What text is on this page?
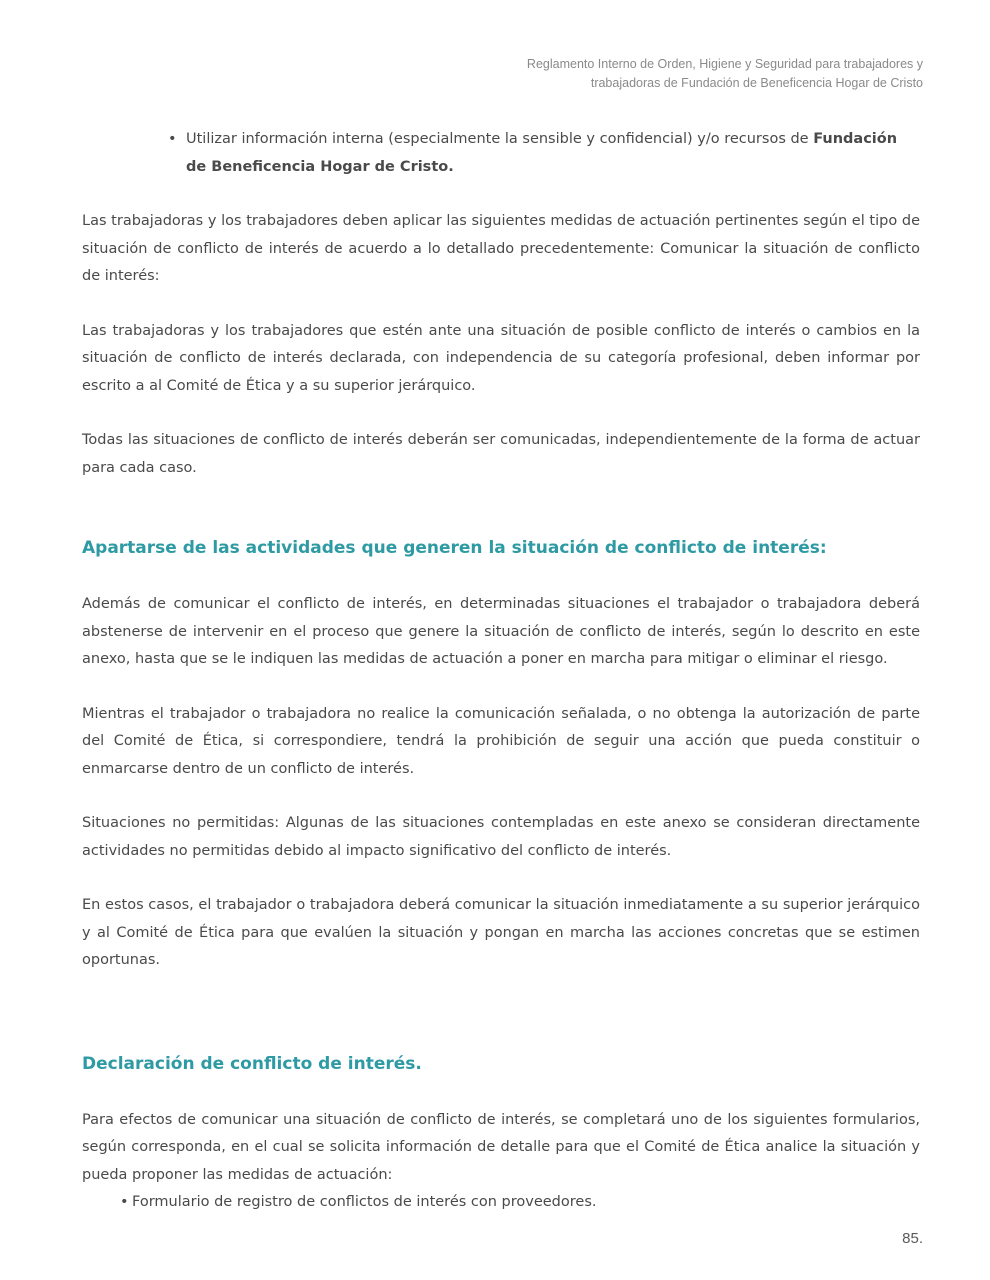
Reglamento Interno de Orden, Higiene y Seguridad para trabajadores y
trabajadoras de Fundación de Beneficencia Hogar de Cristo
• Utilizar información interna (especialmente la sensible y confidencial) y/o recursos de Fundación de Beneficencia Hogar de Cristo.

Las trabajadoras y los trabajadores deben aplicar las siguientes medidas de actuación pertinentes según el tipo de situación de conflicto de interés de acuerdo a lo detallado precedentemente: Comunicar la situación de conflicto de interés:

Las trabajadoras y los trabajadores que estén ante una situación de posible conflicto de interés o cambios en la situación de conflicto de interés declarada, con independencia de su categoría profesional, deben informar por escrito a al Comité de Ética y a su superior jerárquico.

Todas las situaciones de conflicto de interés deberán ser comunicadas, independientemente de la forma de actuar para cada caso.

Apartarse de las actividades que generen la situación de conflicto de interés:

Además de comunicar el conflicto de interés, en determinadas situaciones el trabajador o trabajadora deberá abstenerse de intervenir en el proceso que genere la situación de conflicto de interés, según lo descrito en este anexo, hasta que se le indiquen las medidas de actuación a poner en marcha para mitigar o eliminar el riesgo.

Mientras el trabajador o trabajadora no realice la comunicación señalada, o no obtenga la autorización de parte del Comité de Ética, si correspondiere, tendrá la prohibición de seguir una acción que pueda constituir o enmarcarse dentro de un conflicto de interés.

Situaciones no permitidas: Algunas de las situaciones contempladas en este anexo se consideran directamente actividades no permitidas debido al impacto significativo del conflicto de interés.

En estos casos, el trabajador o trabajadora deberá comunicar la situación inmediatamente a su superior jerárquico y al Comité de Ética para que evalúen la situación y pongan en marcha las acciones concretas que se estimen oportunas.

Declaración de conflicto de interés.

Para efectos de comunicar una situación de conflicto de interés, se completará uno de los siguientes formularios, según corresponda, en el cual se solicita información de detalle para que el Comité de Ética analice la situación y pueda proponer las medidas de actuación:

• Formulario de registro de conflictos de interés con proveedores.
85.
